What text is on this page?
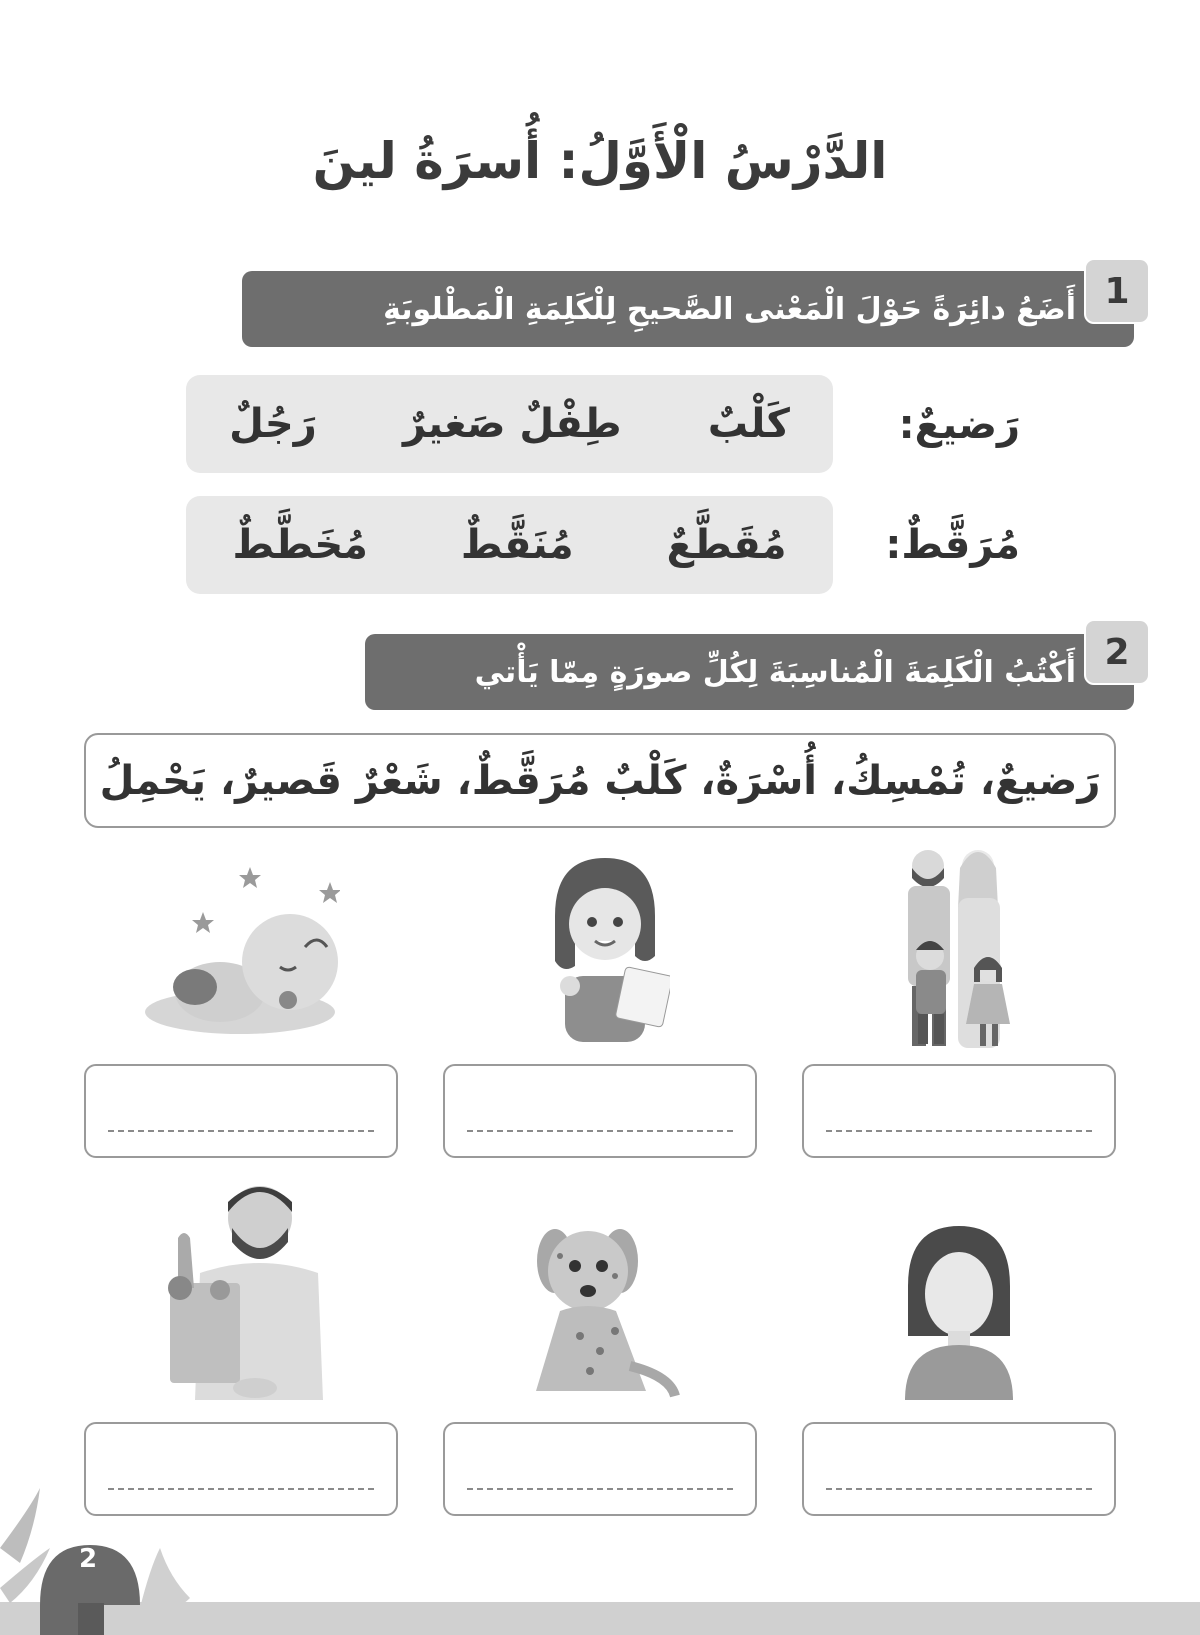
الدَّرْسُ الْأَوَّلُ: أُسرَةُ لينَ
أَضَعُ دائِرَةً حَوْلَ الْمَعْنى الصَّحيحِ لِلْكَلِمَةِ الْمَطْلوبَةِ 1
رَضيعٌ:
رَجُلٌ طِفْلٌ صَغيرٌ كَلْبٌ
مُرَقَّطٌ:
مُخَطَّطٌ مُنَقَّطٌ مُقَطَّعٌ
أَكْتُبُ الْكَلِمَةَ الْمُناسِبَةَ لِكُلِّ صورَةٍ مِمّا يَأْتي 2
رَضيعٌ، تُمْسِكُ، أُسْرَةٌ، كَلْبٌ مُرَقَّطٌ، شَعْرٌ قَصيرٌ، يَحْمِلُ
2
